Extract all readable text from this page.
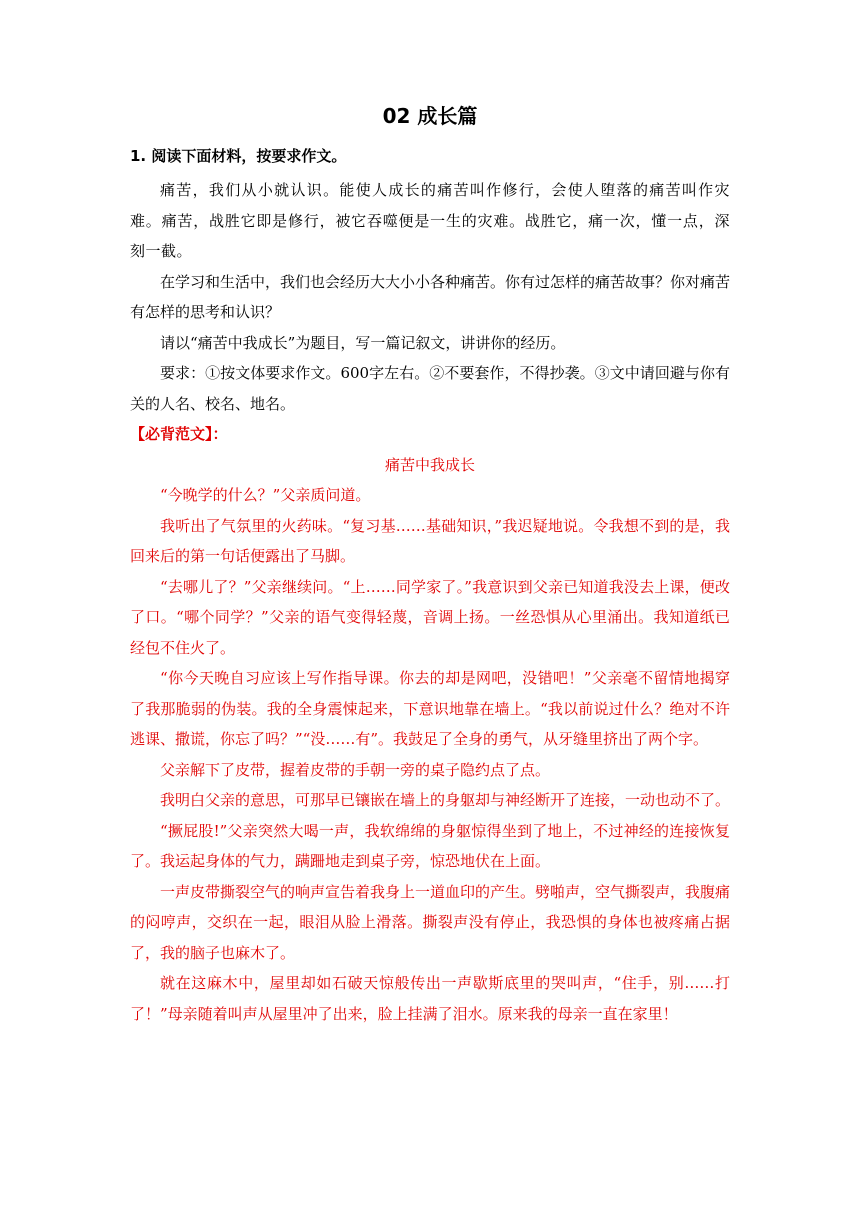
02 成长篇
1. 阅读下面材料，按要求作文。

痛苦，我们从小就认识。能使人成长的痛苦叫作修行，会使人堕落的痛苦叫作灾难。痛苦，战胜它即是修行，被它吞噬便是一生的灾难。战胜它，痛一次，懂一点，深刻一截。

在学习和生活中，我们也会经历大大小小各种痛苦。你有过怎样的痛苦故事？你对痛苦有怎样的思考和认识？

请以“痛苦中我成长”为题目，写一篇记叙文，讲讲你的经历。

要求：①按文体要求作文。600字左右。②不要套作，不得抄袭。③文中请回避与你有关的人名、校名、地名。

【必背范文】：

痛苦中我成长

“今晚学的什么？”父亲质问道。

我听出了气氛里的火药味。“复习基……基础知识，”我迟疑地说。令我想不到的是，我回来后的第一句话便露出了马脚。

“去哪儿了？”父亲继续问。“上……同学家了。”我意识到父亲已知道我没去上课，便改了口。“哪个同学？”父亲的语气变得轻蔑，音调上扬。一丝恐惧从心里涌出。我知道纸已经包不住火了。

“你今天晚自习应该上写作指导课。你去的却是网吧，没错吧！”父亲毫不留情地揭穿了我那脆弱的伪装。我的全身震悚起来，下意识地靠在墙上。“我以前说过什么？绝对不许逃课、撒谎，你忘了吗？”“没……有”。我鼓足了全身的勇气，从牙缝里挤出了两个字。

父亲解下了皮带，握着皮带的手朝一旁的桌子隐约点了点。

我明白父亲的意思，可那早已镶嵌在墙上的身躯却与神经断开了连接，一动也动不了。

“撅屁股!”父亲突然大喝一声，我软绵绵的身躯惊得坐到了地上，不过神经的连接恢复了。我运起身体的气力，蹒跚地走到桌子旁，惊恐地伏在上面。

一声皮带撕裂空气的响声宣告着我身上一道血印的产生。劈啪声，空气撕裂声，我腹痛的闷哼声，交织在一起，眼泪从脸上滑落。撕裂声没有停止，我恐惧的身体也被疼痛占据了，我的脑子也麻木了。

就在这麻木中，屋里却如石破天惊般传出一声歇斯底里的哭叫声，“住手，别……打了！”母亲随着叫声从屋里冲了出来，脸上挂满了泪水。原来我的母亲一直在家里！
